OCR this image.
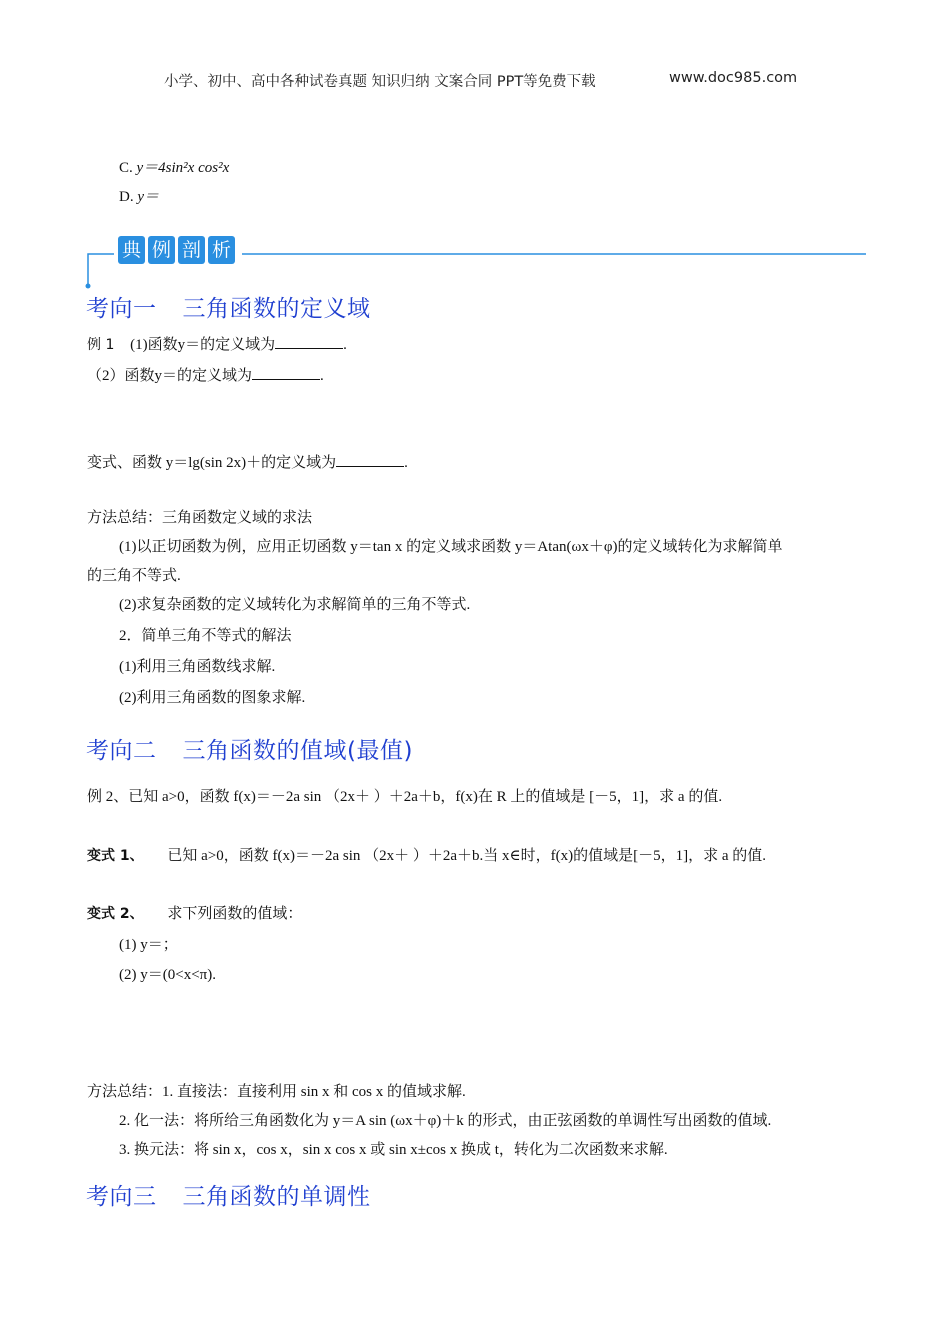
小学、初中、高中各种试卷真题 知识归纳 文案合同 PPT等免费下载	www.doc985.com
C. y＝4sin²x cos²x
D. y＝
典 例 剖 析
考向一 三角函数的定义域
例 1 (1)函数y＝的定义域为	.
（2）函数y＝的定义域为	.
变式、函数 y＝lg(sin 2x)＋的定义域为	.
方法总结：三角函数定义域的求法
(1)以正切函数为例，应用正切函数 y＝tan x 的定义域求函数 y＝Atan(ωx＋φ)的定义域转化为求解简单
的三角不等式.
(2)求复杂函数的定义域转化为求解简单的三角不等式.
2．简单三角不等式的解法
(1)利用三角函数线求解.
(2)利用三角函数的图象求解.
考向二 三角函数的值域(最值)
例 2、已知 a>0，函数 f(x)＝－2a sin （2x＋ ）＋2a＋b，f(x)在 R 上的值域是 [－5，1]，求 a 的值.
变式 1、 已知 a>0，函数 f(x)＝－2a sin （2x＋ ）＋2a＋b.当 x∈时，f(x)的值域是[－5，1]，求 a 的值.
变式 2、 求下列函数的值域：
(1) y＝；
(2) y＝(0<x<π).
方法总结：1. 直接法：直接利用 sin x 和 cos x 的值域求解.
2. 化一法：将所给三角函数化为 y＝A sin (ωx＋φ)＋k 的形式，由正弦函数的单调性写出函数的值域.
3. 换元法：将 sin x，cos x，sin x cos x 或 sin x±cos x 换成 t，转化为二次函数来求解.
考向三 三角函数的单调性
